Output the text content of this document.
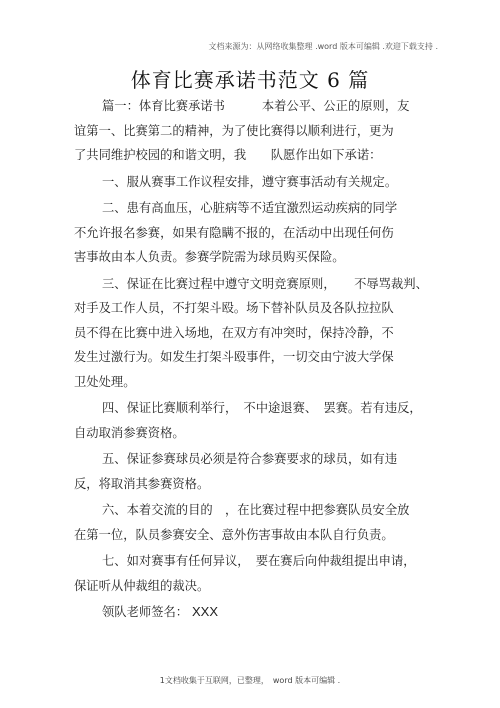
文档来源为：从网络收集整理 .word 版本可编辑 .欢迎下载支持 .
体育比赛承诺书范文 6 篇
篇一：体育比赛承诺书　　　本着公平、公正的原则，友
谊第一、比赛第二的精神，为了使比赛得以顺利进行，更为
了共同维护校园的和谐文明，我　　队愿作出如下承诺：
一、服从赛事工作议程安排，遵守赛事活动有关规定。
二、患有高血压，心脏病等不适宜激烈运动疾病的同学
不允许报名参赛，如果有隐瞒不报的，在活动中出现任何伤
害事故由本人负责。参赛学院需为球员购买保险。
三、保证在比赛过程中遵守文明竞赛原则，　　不辱骂裁判、
对手及工作人员，不打架斗殴。场下替补队员及各队拉拉队
员不得在比赛中进入场地，在双方有冲突时，保持冷静，不
发生过激行为。如发生打架斗殴事件，一切交由宁波大学保
卫处处理。
四、保证比赛顺利举行，　不中途退赛、　罢赛。若有违反，
自动取消参赛资格。
五、保证参赛球员必须是符合参赛要求的球员，如有违
反，将取消其参赛资格。
六、本着交流的目的　，在比赛过程中把参赛队员安全放
在第一位，队员参赛安全、意外伤害事故由本队自行负责。
七、如对赛事有任何异议，　要在赛后向仲裁组提出申请，
保证听从仲裁组的裁决。
领队老师签名： XXX
1文档收集于互联网，已整理，　word 版本可编辑 .
